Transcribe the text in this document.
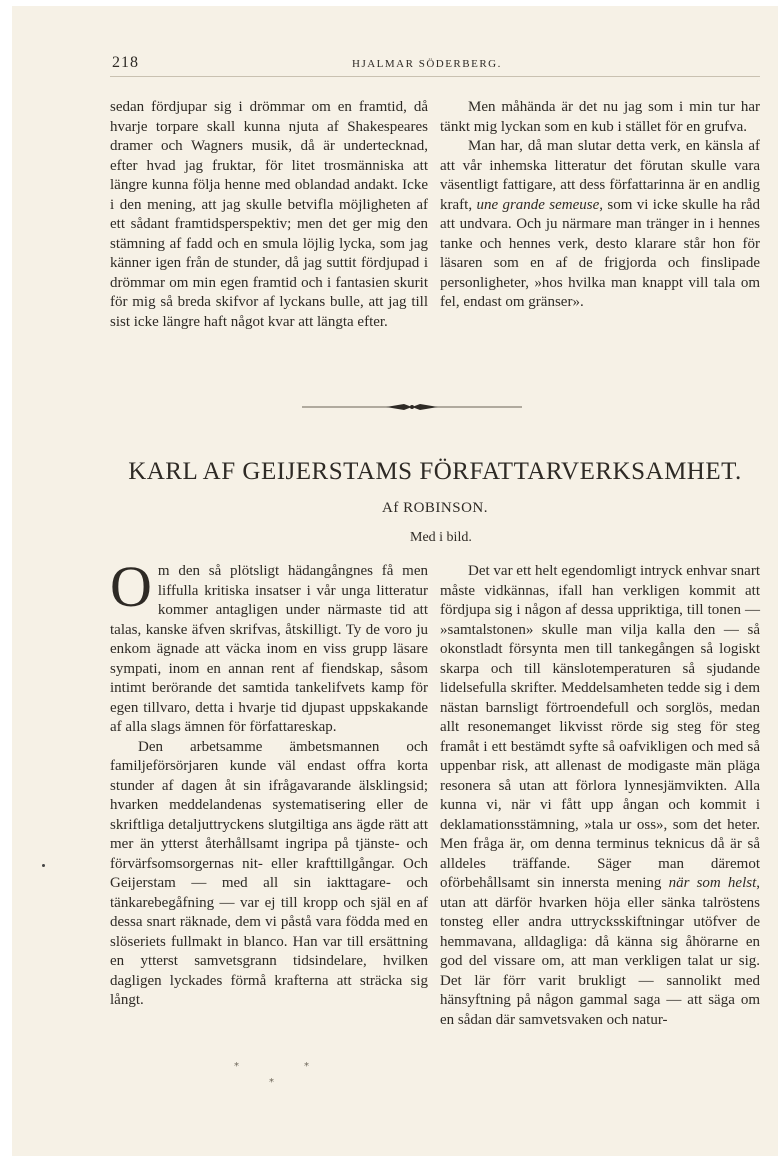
218	HJALMAR SÖDERBERG.

sedan fördjupar sig i drömmar om en framtid, då hvarje torpare skall kunna njuta af Shakespeares dramer och Wagners musik, då är undertecknad, efter hvad jag fruktar, för litet trosmänniska att längre kunna följa henne med oblandad andakt. Icke i den mening, att jag skulle betvifla möjligheten af ett sådant framtidsperspektiv; men det ger mig den stämning af fadd och en smula löjlig lycka, som jag känner igen från de stunder, då jag suttit fördjupad i drömmar om min egen framtid och i fantasien skurit för mig så breda skifvor af lyckans bulle, att jag till sist icke längre haft något kvar att längta efter.

Men måhända är det nu jag som i min tur har tänkt mig lyckan som en kub i stället för en grufva.

Man har, då man slutar detta verk, en känsla af att vår inhemska litteratur det förutan skulle vara väsentligt fattigare, att dess författarinna är en andlig kraft, une grande semeuse, som vi icke skulle ha råd att undvara. Och ju närmare man tränger in i hennes tanke och hennes verk, desto klarare står hon för läsaren som en af de frigjorda och finslipade personligheter, »hos hvilka man knappt vill tala om fel, endast om gränser».

KARL AF GEIJERSTAMS FÖRFATTARVERKSAMHET.
Af ROBINSON.
Med i bild.

Om den så plötsligt hädangångnes få men liffulla kritiska insatser i vår unga litteratur kommer antagligen under närmaste tid att talas, kanske äfven skrifvas, åtskilligt. Ty de voro ju enkom ägnade att väcka inom en viss grupp läsare sympati, inom en annan rent af fiendskap, såsom intimt berörande det samtida tankelifvets kamp för egen tillvaro, detta i hvarje tid djupast uppskakande af alla slags ämnen för författareskap.

Den arbetsamme ämbetsmannen och familjeförsörjaren kunde väl endast offra korta stunder af dagen åt sin ifrågavarande älsklingsid; hvarken meddelandenas systematisering eller de skriftliga detaljuttryckens slutgiltiga ans ägde rätt att mer än ytterst återhållsamt ingripa på tjänste- och förvärfsomsorgernas nit- eller krafttillgångar. Och Geijerstam — med all sin iakttagare- och tänkarebegåfning — var ej till kropp och själ en af dessa snart räknade, dem vi påstå vara födda med en slöseriets fullmakt in blanco. Han var till ersättning en ytterst samvetsgrann tidsindelare, hvilken dagligen lyckades förmå krafterna att sträcka sig långt.

*	*
*

Det var ett helt egendomligt intryck enhvar snart måste vidkännas, ifall han verkligen kommit att fördjupa sig i någon af dessa uppriktiga, till tonen — »samtalstonen» skulle man vilja kalla den — så okonstladt försynta men till tankegången så logiskt skarpa och till känslotemperaturen så sjudande lidelsefulla skrifter. Meddelsamheten tedde sig i dem nästan barnsligt förtroendefull och sorglös, medan allt resonemanget likvisst rörde sig steg för steg framåt i ett bestämdt syfte så oafvikligen och med så uppenbar risk, att allenast de modigaste män pläga resonera så utan att förlora lynnesjämvikten. Alla kunna vi, när vi fått upp ångan och kommit i deklamationsstämning, »tala ur oss», som det heter. Men fråga är, om denna terminus teknicus då är så alldeles träffande. Säger man däremot oförbehållsamt sin innersta mening när som helst, utan att därför hvarken höja eller sänka talröstens tonsteg eller andra uttrycksskiftningar utöfver de hemmavana, alldagliga: då känna sig åhörarne en god del vissare om, att man verkligen talat ur sig. Det lär förr varit brukligt — sannolikt med hänsyftning på någon gammal saga — att säga om en sådan där samvetsvaken och natur-
